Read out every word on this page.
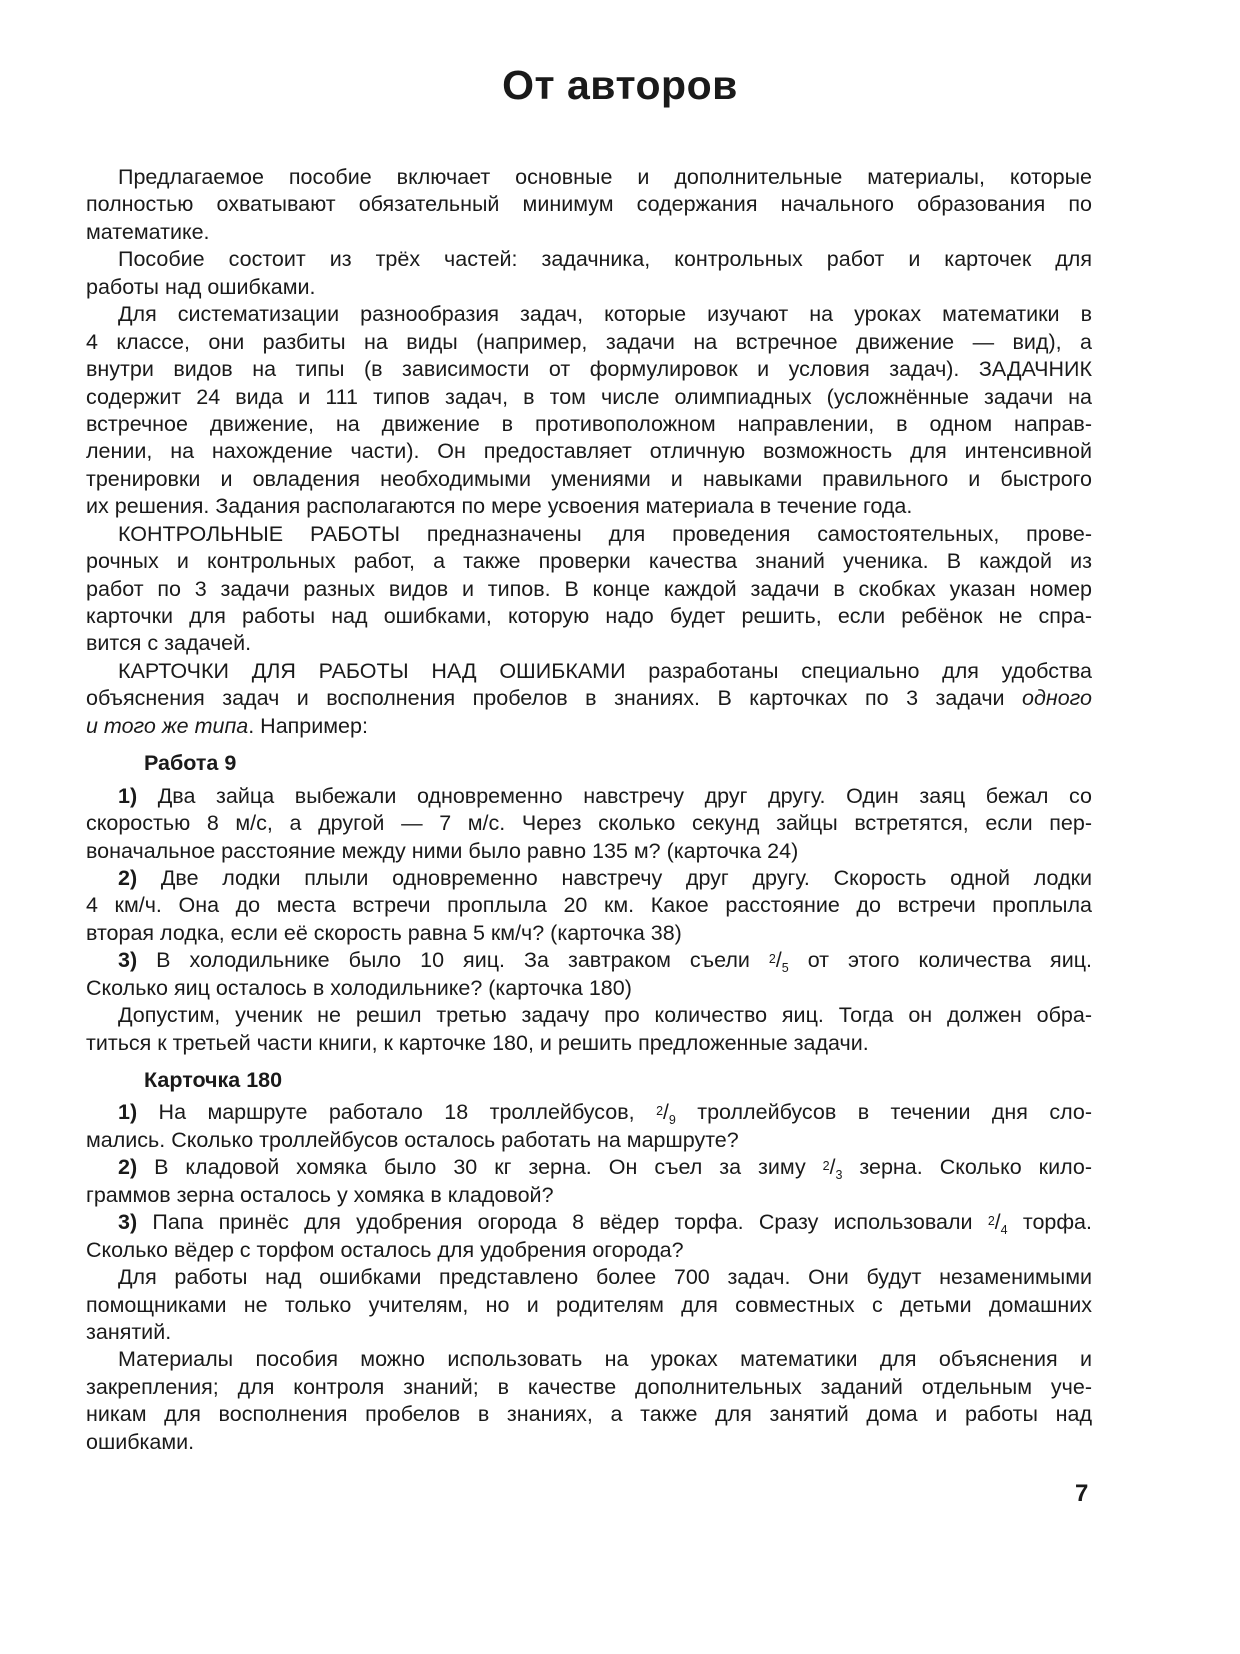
От авторов
Предлагаемое пособие включает основные и дополнительные материалы, которые
полностью охватывают обязательный минимум содержания начального образования по
математике.
Пособие состоит из трёх частей: задачника, контрольных работ и карточек для
работы над ошибками.
Для систематизации разнообразия задач, которые изучают на уроках математики в
4 классе, они разбиты на виды (например, задачи на встречное движение — вид), а
внутри видов на типы (в зависимости от формулировок и условия задач). ЗАДАЧНИК
содержит 24 вида и 111 типов задач, в том числе олимпиадных (усложнённые задачи на
встречное движение, на движение в противоположном направлении, в одном направ-
лении, на нахождение части). Он предоставляет отличную возможность для интенсивной
тренировки и овладения необходимыми умениями и навыками правильного и быстрого
их решения. Задания располагаются по мере усвоения материала в течение года.
КОНТРОЛЬНЫЕ РАБОТЫ предназначены для проведения самостоятельных, прове-
рочных и контрольных работ, а также проверки качества знаний ученика. В каждой из
работ по 3 задачи разных видов и типов. В конце каждой задачи в скобках указан номер
карточки для работы над ошибками, которую надо будет решить, если ребёнок не спра-
вится с задачей.
КАРТОЧКИ ДЛЯ РАБОТЫ НАД ОШИБКАМИ разработаны специально для удобства
объяснения задач и восполнения пробелов в знаниях. В карточках по 3 задачи одного
и того же типа. Например:
Работа 9
1) Два зайца выбежали одновременно навстречу друг другу. Один заяц бежал со
скоростью 8 м/с, а другой — 7 м/с. Через сколько секунд зайцы встретятся, если пер-
воначальное расстояние между ними было равно 135 м? (карточка 24)
2) Две лодки плыли одновременно навстречу друг другу. Скорость одной лодки
4 км/ч. Она до места встречи проплыла 20 км. Какое расстояние до встречи проплыла
вторая лодка, если её скорость равна 5 км/ч? (карточка 38)
3) В холодильнике было 10 яиц. За завтраком съели $^2/_5$ от этого количества яиц.
Сколько яиц осталось в холодильнике? (карточка 180)
Допустим, ученик не решил третью задачу про количество яиц. Тогда он должен обра-
титься к третьей части книги, к карточке 180, и решить предложенные задачи.
Карточка 180
1) На маршруте работало 18 троллейбусов, $^2/_9$ троллейбусов в течении дня сло-
мались. Сколько троллейбусов осталось работать на маршруте?
2) В кладовой хомяка было 30 кг зерна. Он съел за зиму $^2/_3$ зерна. Сколько кило-
граммов зерна осталось у хомяка в кладовой?
3) Папа принёс для удобрения огорода 8 вёдер торфа. Сразу использовали $^2/_4$ торфа.
Сколько вёдер с торфом осталось для удобрения огорода?
Для работы над ошибками представлено более 700 задач. Они будут незаменимыми
помощниками не только учителям, но и родителям для совместных с детьми домашних
занятий.
Материалы пособия можно использовать на уроках математики для объяснения и
закрепления; для контроля знаний; в качестве дополнительных заданий отдельным уче-
никам для восполнения пробелов в знаниях, а также для занятий дома и работы над
ошибками.
7
